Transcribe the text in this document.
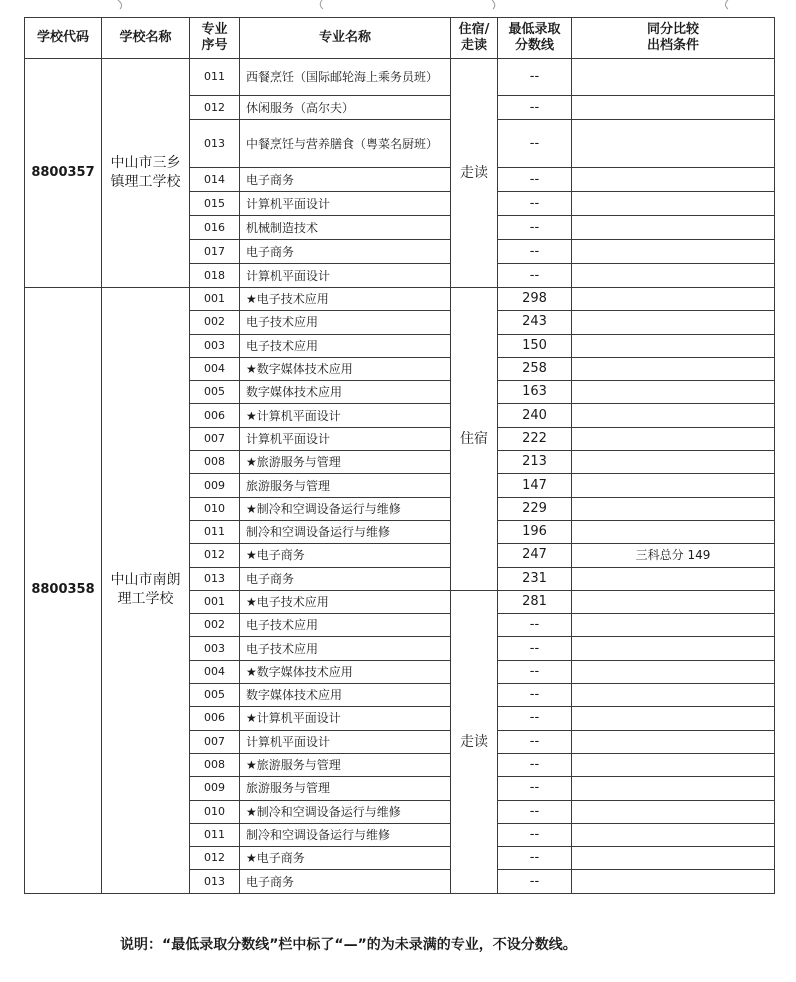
学校代码	学校名称	专业序号	专业名称	住宿/走读	最低录取分数线	同分比较出档条件
8800357	中山市三乡镇理工学校	011	西餐烹饪（国际邮轮海上乘务员班）	走读	--	
		012	休闲服务（高尔夫）		--	
		013	中餐烹饪与营养膳食（粤菜名厨班）		--	
		014	电子商务		--	
		015	计算机平面设计		--	
		016	机械制造技术		--	
		017	电子商务		--	
		018	计算机平面设计		--	
8800358	中山市南朗理工学校	001	★电子技术应用	住宿	298	
		002	电子技术应用		243	
		003	电子技术应用		150	
		004	★数字媒体技术应用		258	
		005	数字媒体技术应用		163	
		006	★计算机平面设计		240	
		007	计算机平面设计		222	
		008	★旅游服务与管理		213	
		009	旅游服务与管理		147	
		010	★制冷和空调设备运行与维修		229	
		011	制冷和空调设备运行与维修		196	
		012	★电子商务		247	三科总分 149
		013	电子商务		231	
		001	★电子技术应用	走读	281	
		002	电子技术应用		--	
		003	电子技术应用		--	
		004	★数字媒体技术应用		--	
		005	数字媒体技术应用		--	
		006	★计算机平面设计		--	
		007	计算机平面设计		--	
		008	★旅游服务与管理		--	
		009	旅游服务与管理		--	
		010	★制冷和空调设备运行与维修		--	
		011	制冷和空调设备运行与维修		--	
		012	★电子商务		--	
		013	电子商务		--	
说明：“最低录取分数线”栏中标了“—”的为未录满的专业，不设分数线。
